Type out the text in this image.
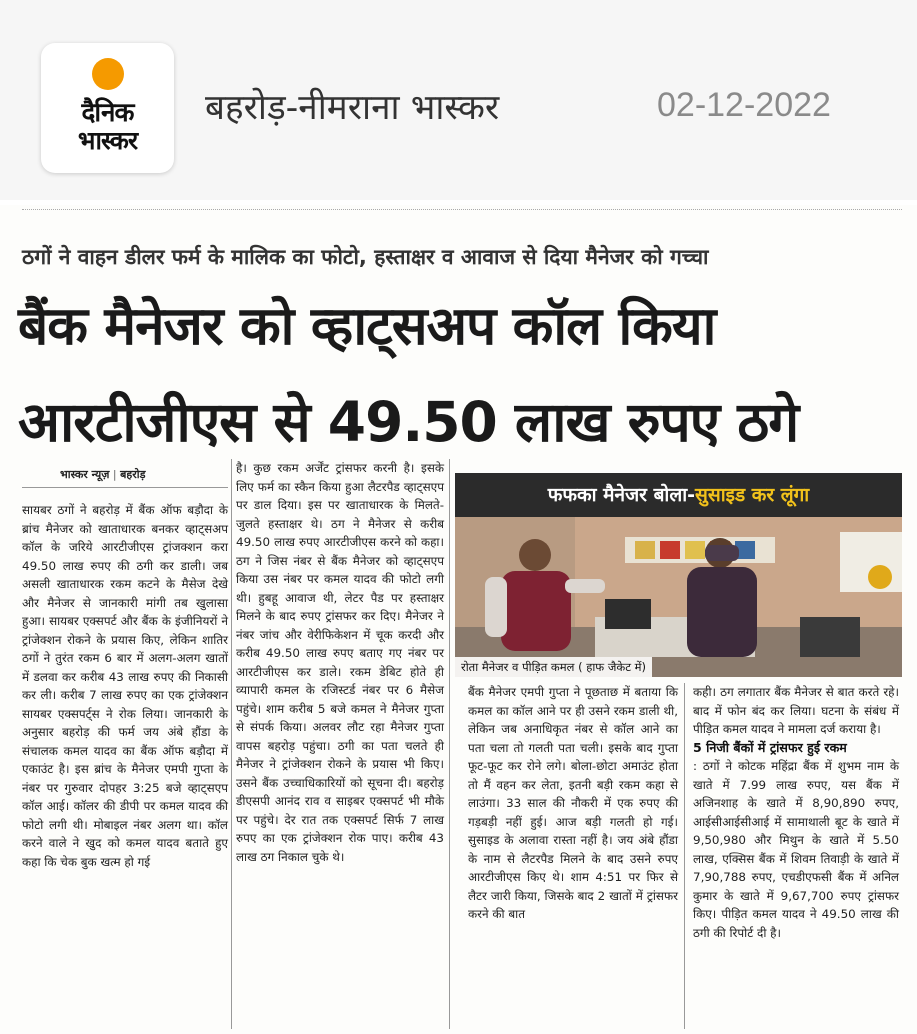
दैनिक
भास्कर
बहरोड़-नीमराना भास्कर	02-12-2022
ठगों ने वाहन डीलर फर्म के मालिक का फोटो, हस्ताक्षर व आवाज से दिया मैनेजर को गच्चा
बैंक मैनेजर को व्हाट्सअप कॉल किया
आरटीजीएस से 49.50 लाख रुपए ठगे
भास्कर न्यूज़ | बहरोड़
सायबर ठगों ने बहरोड़ में बैंक ऑफ बड़ौदा के ब्रांच मैनेजर को खाताधारक बनकर व्हाट्सअप कॉल के जरिये आरटीजीएस ट्रांजक्शन करा 49.50 लाख रुपए की ठगी कर डाली। जब असली खाताधारक रकम कटने के मैसेज देखे और मैनेजर से जानकारी मांगी तब खुलासा हुआ। सायबर एक्सपर्ट और बैंक के इंजीनियरों ने ट्रांजेक्शन रोकने के प्रयास किए, लेकिन शातिर ठगों ने तुरंत रकम 6 बार में अलग-अलग खातों में डलवा कर करीब 43 लाख रुपए की निकासी कर ली। करीब 7 लाख रुपए का एक ट्रांजेक्शन सायबर एक्सपर्ट्स ने रोक लिया। जानकारी के अनुसार बहरोड़ की फर्म जय अंबे हौंडा के संचालक कमल यादव का बैंक ऑफ बड़ौदा में एकाउंट है। इस ब्रांच के मैनेजर एमपी गुप्ता के नंबर पर गुरुवार दोपहर 3:25 बजे व्हाट्सएप कॉल आई। कॉलर की डीपी पर कमल यादव की फोटो लगी थी। मोबाइल नंबर अलग था। कॉल करने वाले ने खुद को कमल यादव बताते हुए कहा कि चेक बुक खत्म हो गई
है। कुछ रकम अर्जेंट ट्रांसफर करनी है। इसके लिए फर्म का स्कैन किया हुआ लैटरपैड व्हाट्सएप पर डाल दिया। इस पर खाताधारक के मिलते-जुलते हस्ताक्षर थे। ठग ने मैनेजर से करीब 49.50 लाख रुपए आरटीजीएस करने को कहा। ठग ने जिस नंबर से बैंक मैनेजर को व्हाट्सएप किया उस नंबर पर कमल यादव की फोटो लगी थी। हुबहू आवाज थी, लेटर पैड पर हस्ताक्षर मिलने के बाद रुपए ट्रांसफर कर दिए। मैनेजर ने नंबर जांच और वेरीफिकेशन में चूक करदी और करीब 49.50 लाख रुपए बताए गए नंबर पर आरटीजीएस कर डाले। रकम डेबिट होते ही व्यापारी कमल के रजिस्टर्ड नंबर पर 6 मैसेज पहुंचे। शाम करीब 5 बजे कमल ने मैनेजर गुप्ता से संपर्क किया। अलवर लौट रहा मैनेजर गुप्ता वापस बहरोड़ पहुंचा। ठगी का पता चलते ही मैनेजर ने ट्रांजेक्शन रोकने के प्रयास भी किए। उसने बैंक उच्चाधिकारियों को सूचना दी। बहरोड़ डीएसपी आनंद राव व साइबर एक्सपर्ट भी मौके पर पहुंचे। देर रात तक एक्सपर्ट सिर्फ 7 लाख रुपए का एक ट्रांजेक्शन रोक पाए। करीब 43 लाख ठग निकाल चुके थे।
फफका मैनेजर बोला-सुसाइड कर लूंगा
रोता मैनेजर व पीड़ित कमल ( हाफ जैकेट में)
बैंक मैनेजर एमपी गुप्ता ने पूछताछ में बताया कि कमल का कॉल आने पर ही उसने रकम डाली थी, लेकिन जब अनाधिकृत नंबर से कॉल आने का पता चला तो गलती पता चली। इसके बाद गुप्ता फूट-फूट कर रोने लगे। बोला-छोटा अमाउंट होता तो मैं वहन कर लेता, इतनी बड़ी रकम कहा से लाउंगा। 33 साल की नौकरी में एक रुपए की गड़बड़ी नहीं हुई। आज बड़ी गलती हो गई। सुसाइड के अलावा रास्ता नहीं है। जय अंबे हौंडा के नाम से लैटरपैड मिलने के बाद उसने रुपए आरटीजीएस किए थे। शाम 4:51 पर फिर से लैटर जारी किया, जिसके बाद 2 खातों में ट्रांसफर करने की बात
कही। ठग लगातार बैंक मैनेजर से बात करते रहे। बाद में फोन बंद कर लिया। घटना के संबंध में पीड़ित कमल यादव ने मामला दर्ज कराया है।
5 निजी बैंकों में ट्रांसफर हुई रकम
: ठगों ने कोटक महिंद्रा बैंक में शुभम नाम के खाते में 7.99 लाख रुपए, यस बैंक में अजिनशाह के खाते में 8,90,890 रुपए, आईसीआईसीआई में सामाथाली बूट के खाते में 9,50,980 और मिथुन के खाते में 5.50 लाख, एक्सिस बैंक में शिवम तिवाड़ी के खाते में 7,90,788 रुपए, एचडीएफसी बैंक में अनिल कुमार के खाते में 9,67,700 रुपए ट्रांसफर किए। पीड़ित कमल यादव ने 49.50 लाख की ठगी की रिपोर्ट दी है।
